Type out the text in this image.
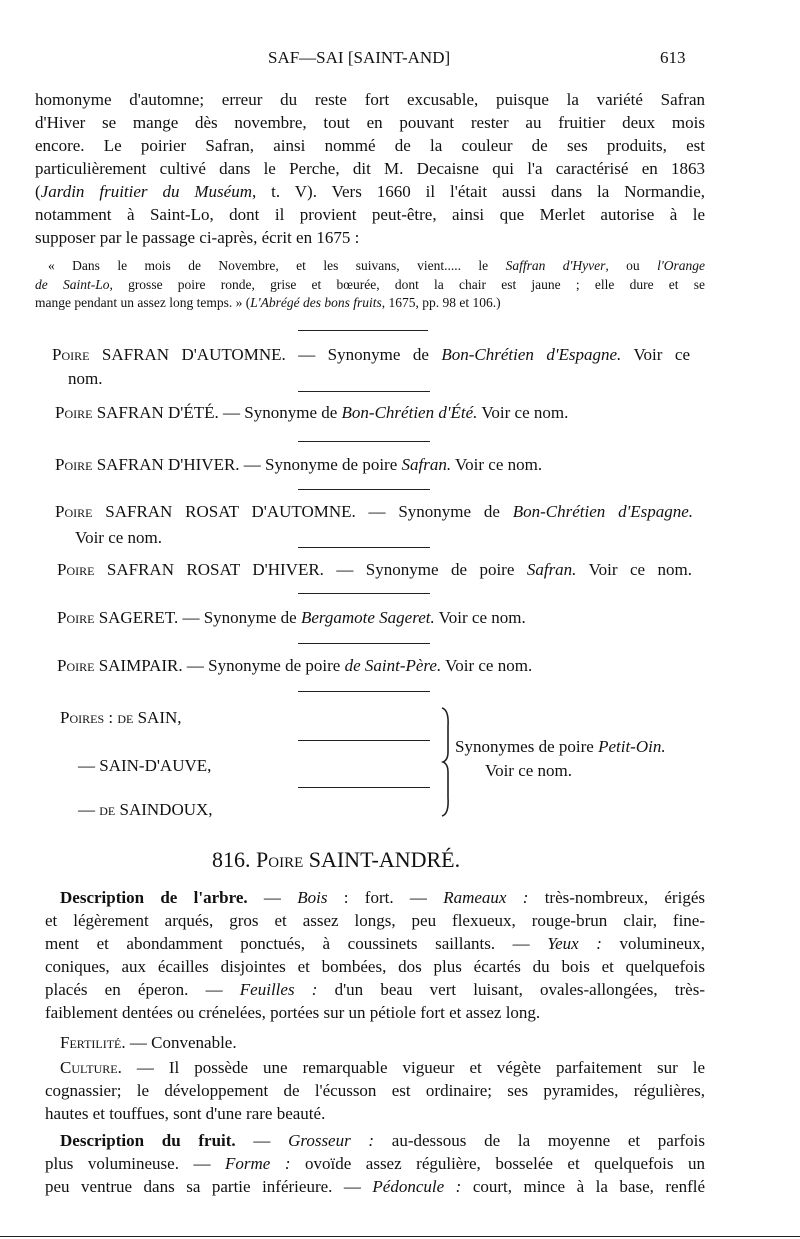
SAF—SAI [SAINT-AND]	613
homonyme d'automne; erreur du reste fort excusable, puisque la variété Safran
d'Hiver se mange dès novembre, tout en pouvant rester au fruitier deux mois
encore. Le poirier Safran, ainsi nommé de la couleur de ses produits, est
particulièrement cultivé dans le Perche, dit M. Decaisne qui l'a caractérisé en 1863
(Jardin fruitier du Muséum, t. V). Vers 1660 il l'était aussi dans la Normandie,
notamment à Saint-Lo, dont il provient peut-être, ainsi que Merlet autorise à le
supposer par le passage ci-après, écrit en 1675 :
« Dans le mois de Novembre, et les suivans, vient..... le Saffran d'Hyver, ou l'Orange
de Saint-Lo, grosse poire ronde, grise et bœurée, dont la chair est jaune ; elle dure et se
mange pendant un assez long temps. » (L'Abrégé des bons fruits, 1675, pp. 98 et 106.)
Poire SAFRAN D'AUTOMNE. — Synonyme de Bon-Chrétien d'Espagne. Voir ce
nom.
Poire SAFRAN D'ÉTÉ. — Synonyme de Bon-Chrétien d'Été. Voir ce nom.
Poire SAFRAN D'HIVER. — Synonyme de poire Safran. Voir ce nom.
Poire SAFRAN ROSAT D'AUTOMNE. — Synonyme de Bon-Chrétien d'Espagne.
Voir ce nom.
Poire SAFRAN ROSAT D'HIVER. — Synonyme de poire Safran. Voir ce nom.
Poire SAGERET. — Synonyme de Bergamote Sageret. Voir ce nom.
Poire SAIMPAIR. — Synonyme de poire de Saint-Père. Voir ce nom.
Poires : de SAIN,
— SAIN-D'AUVE,
— de SAINDOUX,
Synonymes de poire Petit-Oin.
Voir ce nom.
816. Poire SAINT-ANDRÉ.
Description de l'arbre. — Bois : fort. — Rameaux : très-nombreux, érigés
et légèrement arqués, gros et assez longs, peu flexueux, rouge-brun clair, fine-
ment et abondamment ponctués, à coussinets saillants. — Yeux : volumineux,
coniques, aux écailles disjointes et bombées, dos plus écartés du bois et quelquefois
placés en éperon. — Feuilles : d'un beau vert luisant, ovales-allongées, très-
faiblement dentées ou crénelées, portées sur un pétiole fort et assez long.
Fertilité. — Convenable.
Culture. — Il possède une remarquable vigueur et végète parfaitement sur le
cognassier; le développement de l'écusson est ordinaire; ses pyramides, régulières,
hautes et touffues, sont d'une rare beauté.
Description du fruit. — Grosseur : au-dessous de la moyenne et parfois
plus volumineuse. — Forme : ovoïde assez régulière, bosselée et quelquefois un
peu ventrue dans sa partie inférieure. — Pédoncule : court, mince à la base, renflé
